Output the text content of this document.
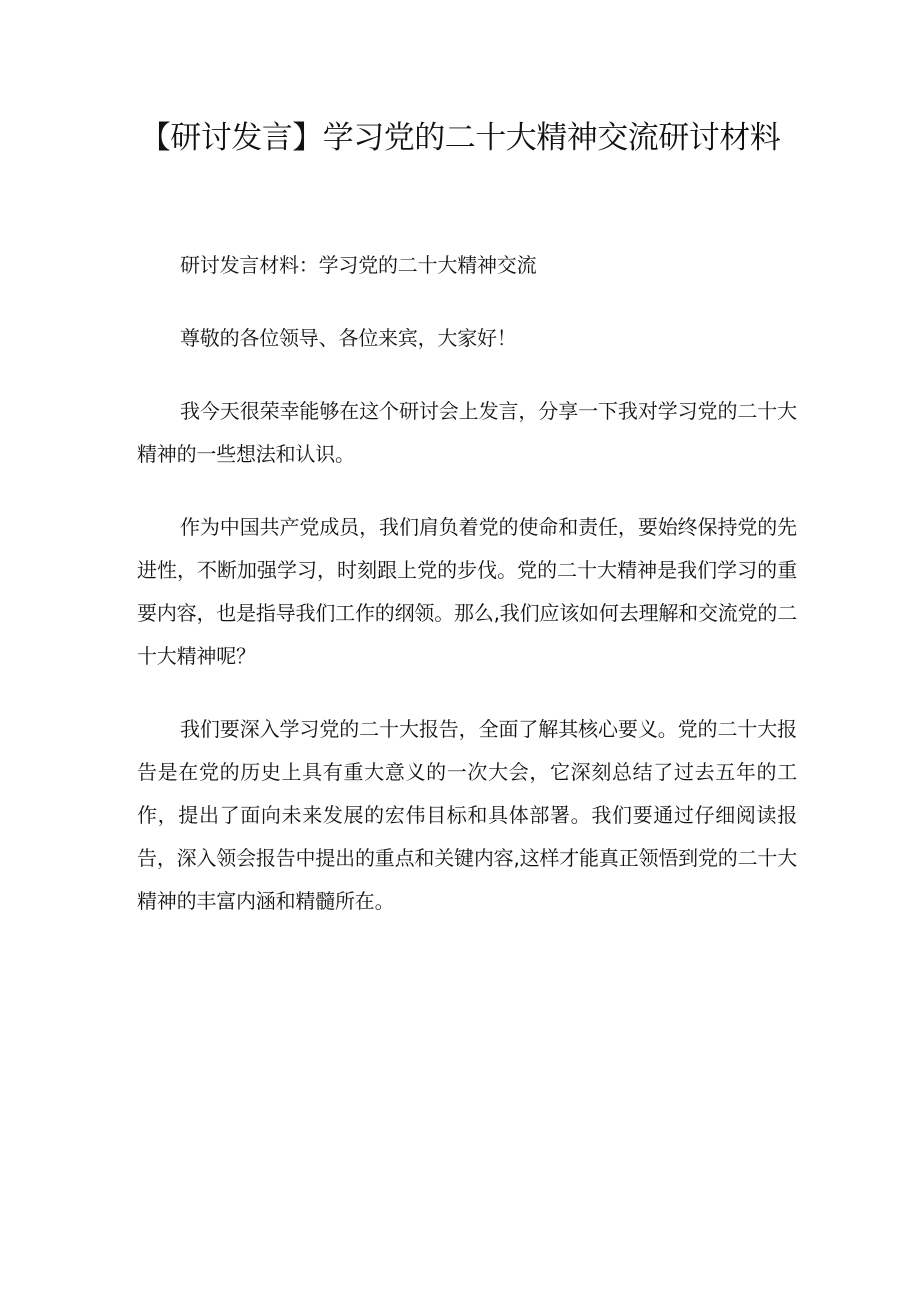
【研讨发言】学习党的二十大精神交流研讨材料

研讨发言材料：学习党的二十大精神交流

尊敬的各位领导、各位来宾，大家好！

我今天很荣幸能够在这个研讨会上发言，分享一下我对学习党的二十大精神的一些想法和认识。

作为中国共产党成员，我们肩负着党的使命和责任，要始终保持党的先进性，不断加强学习，时刻跟上党的步伐。党的二十大精神是我们学习的重要内容，也是指导我们工作的纲领。那么,我们应该如何去理解和交流党的二十大精神呢？

我们要深入学习党的二十大报告，全面了解其核心要义。党的二十大报告是在党的历史上具有重大意义的一次大会，它深刻总结了过去五年的工作，提出了面向未来发展的宏伟目标和具体部署。我们要通过仔细阅读报告，深入领会报告中提出的重点和关键内容,这样才能真正领悟到党的二十大精神的丰富内涵和精髓所在。
